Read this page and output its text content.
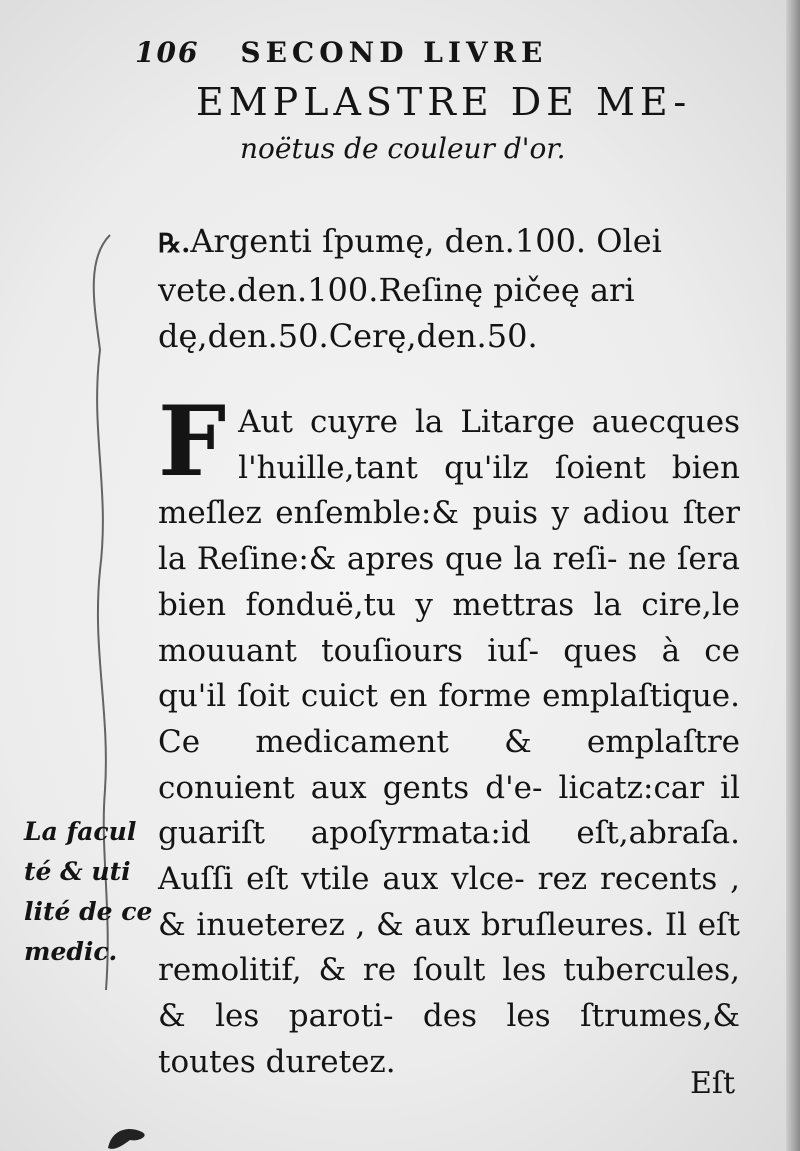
106 SECOND LIVRE
EMPLASTRE DE ME-
noëtus de couleur d'or.
℞.Argenti ſpumę, den.100. Olei vete.den.100.Reſinę pičeę ari dę,den.50.Cerę,den.50.
F Aut cuyre la Litarge auecques l'huille,tant qu'ilz ſoient bien meſlez enſemble:& puis y adiou ſter la Reſine:& apres que la reſi- ne ſera bien fonduë,tu y mettras la cire,le mouuant touſiours iuſ- ques à ce qu'il ſoit cuict en forme emplaſtique. Ce medicament & emplaſtre conuient aux gents d'e- licatz:car il guariſt apoſyrmata:id eſt,abraſa. Auſſi eſt vtile aux vlce- rez recents , & inueterez , & aux bruſleures. Il eſt remolitif, & re ſoult les tubercules, & les paroti- des les ſtrumes,& toutes duretez.
La facul té & uti lité de ce medic.
Eſt
